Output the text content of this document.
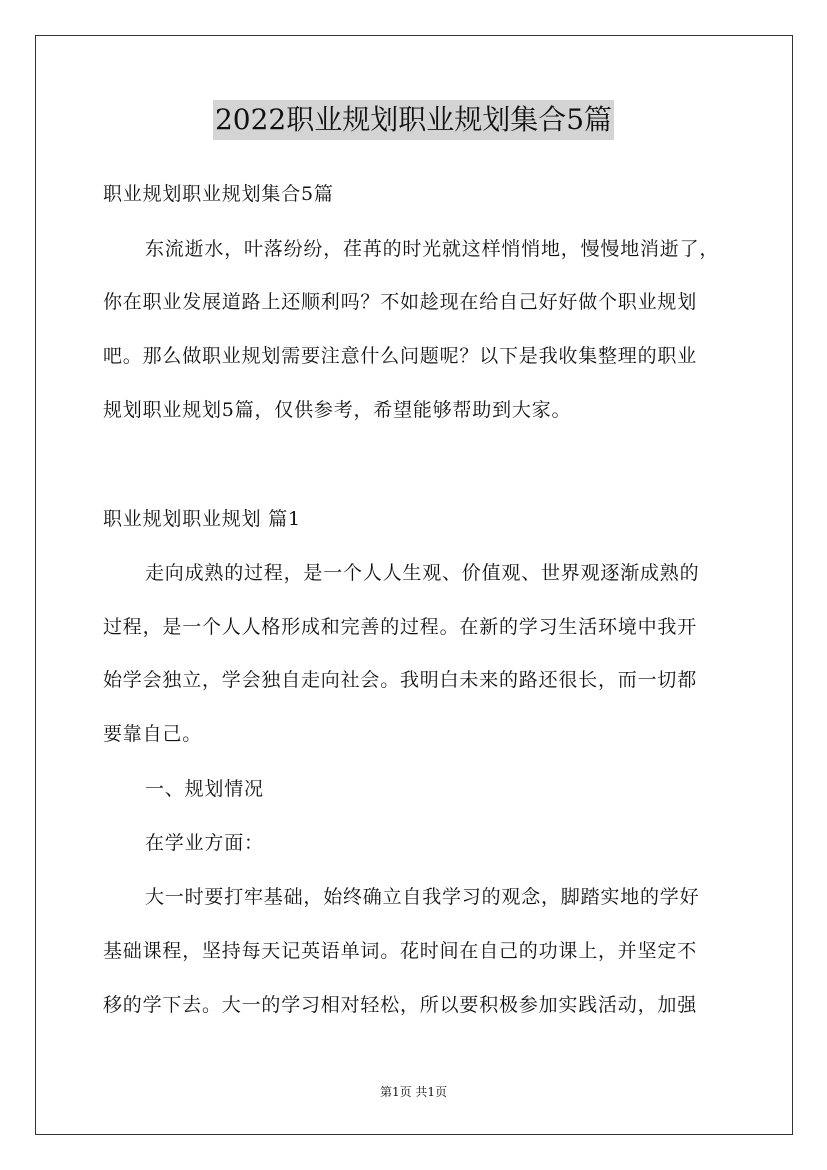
2022职业规划职业规划集合5篇
职业规划职业规划集合5篇
东流逝水，叶落纷纷，荏苒的时光就这样悄悄地，慢慢地消逝了，
你在职业发展道路上还顺利吗？不如趁现在给自己好好做个职业规划
吧。那么做职业规划需要注意什么问题呢？以下是我收集整理的职业
规划职业规划5篇，仅供参考，希望能够帮助到大家。
职业规划职业规划 篇1
走向成熟的过程，是一个人人生观、价值观、世界观逐渐成熟的
过程，是一个人人格形成和完善的过程。在新的学习生活环境中我开
始学会独立，学会独自走向社会。我明白未来的路还很长，而一切都
要靠自己。
一、规划情况
在学业方面：
大一时要打牢基础，始终确立自我学习的观念，脚踏实地的学好
基础课程，坚持每天记英语单词。花时间在自己的功课上，并坚定不
移的学下去。大一的学习相对轻松，所以要积极参加实践活动，加强
第1页 共1页
